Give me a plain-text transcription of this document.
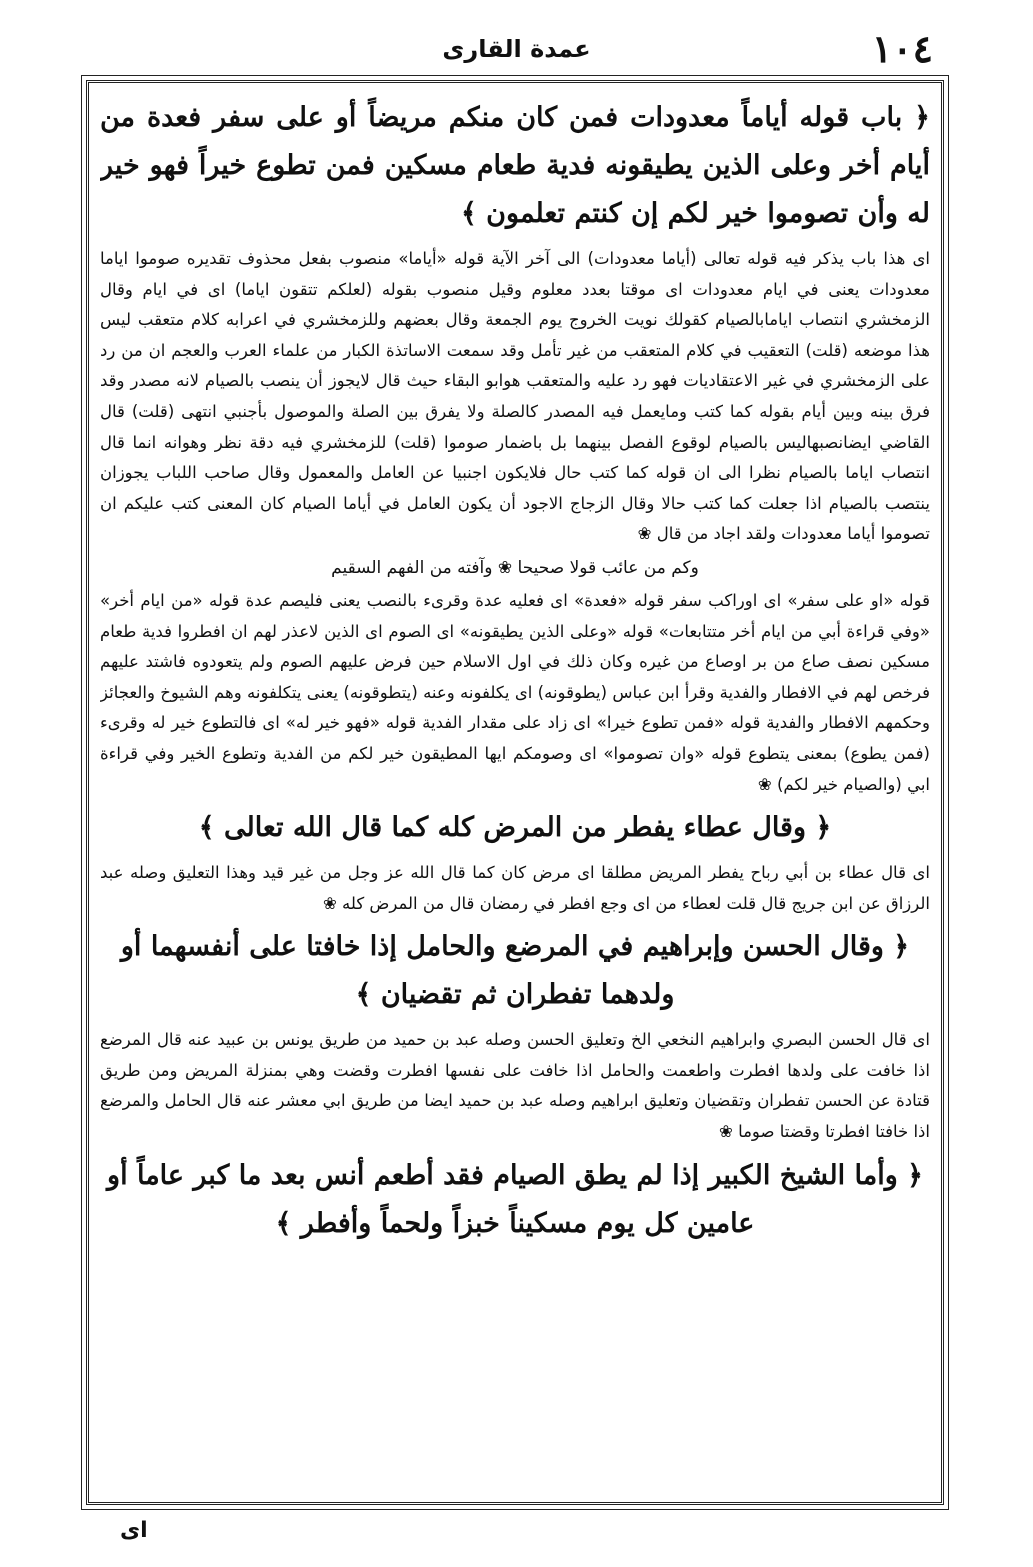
عمدة القارى	١٠٤

﴿ باب قوله أياماً معدودات فمن كان منكم مريضاً أو على سفر فعدة من أيام أخر وعلى الذين يطيقونه فدية طعام مسكين فمن تطوع خيراً فهو خير له وأن تصوموا خير لكم إن كنتم تعلمون ﴾

اى هذا باب يذكر فيه قوله تعالى (أياما معدودات) الى آخر الآية قوله «أياما» منصوب بفعل محذوف تقديره صوموا اياما معدودات يعنى في ايام معدودات اى موقتا بعدد معلوم وقيل منصوب بقوله (لعلكم تتقون اياما) اى في ايام وقال الزمخشري انتصاب ايامابالصيام كقولك نويت الخروج يوم الجمعة وقال بعضهم وللزمخشري في اعرابه كلام متعقب ليس هذا موضعه (قلت) التعقيب في كلام المتعقب من غير تأمل وقد سمعت الاساتذة الكبار من علماء العرب والعجم ان من رد على الزمخشري في غير الاعتقاديات فهو رد عليه والمتعقب هوابو البقاء حيث قال لايجوز أن ينصب بالصيام لانه مصدر وقد فرق بينه وبين أيام بقوله كما كتب ومايعمل فيه المصدر كالصلة ولا يفرق بين الصلة والموصول بأجنبي انتهى (قلت) قال القاضي ايضانصبهاليس بالصيام لوقوع الفصل بينهما بل باضمار صوموا (قلت) للزمخشري فيه دقة نظر وهوانه انما قال انتصاب اياما بالصيام نظرا الى ان قوله كما كتب حال فلايكون اجنبيا عن العامل والمعمول وقال صاحب اللباب يجوزان ينتصب بالصيام اذا جعلت كما كتب حالا وقال الزجاج الاجود أن يكون العامل في أياما الصيام كان المعنى كتب عليكم ان تصوموا أياما معدودات ولقد اجاد من قال ❀

وكم من عائب قولا صحيحا ❀ وآفته من الفهم السقيم

قوله «او على سفر» اى اوراكب سفر قوله «فعدة» اى فعليه عدة وقرىء بالنصب يعنى فليصم عدة قوله «من ايام أخر» «وفي قراءة أبي من ايام أخر متتابعات» قوله «وعلى الذين يطيقونه» اى الصوم اى الذين لاعذر لهم ان افطروا فدية طعام مسكين نصف صاع من بر اوصاع من غيره وكان ذلك في اول الاسلام حين فرض عليهم الصوم ولم يتعودوه فاشتد عليهم فرخص لهم في الافطار والفدية وقرأ ابن عباس (يطوقونه) اى يكلفونه وعنه (يتطوقونه) يعنى يتكلفونه وهم الشيوخ والعجائز وحكمهم الافطار والفدية قوله «فمن تطوع خيرا» اى زاد على مقدار الفدية قوله «فهو خير له» اى فالتطوع خير له وقرىء (فمن يطوع) بمعنى يتطوع قوله «وان تصوموا» اى وصومكم ايها المطيقون خير لكم من الفدية وتطوع الخير وفي قراءة ابي (والصيام خير لكم) ❀

﴿ وقال عطاء يفطر من المرض كله كما قال الله تعالى ﴾

اى قال عطاء بن أبي رباح يفطر المريض مطلقا اى مرض كان كما قال الله عز وجل من غير قيد وهذا التعليق وصله عبد الرزاق عن ابن جريج قال قلت لعطاء من اى وجع افطر في رمضان قال من المرض كله ❀

﴿ وقال الحسن وإبراهيم في المرضع والحامل إذا خافتا على أنفسهما أو ولدهما تفطران ثم تقضيان ﴾

اى قال الحسن البصري وابراهيم النخعي الخ وتعليق الحسن وصله عبد بن حميد من طريق يونس بن عبيد عنه قال المرضع اذا خافت على ولدها افطرت واطعمت والحامل اذا خافت على نفسها افطرت وقضت وهي بمنزلة المريض ومن طريق قتادة عن الحسن تفطران وتقضيان وتعليق ابراهيم وصله عبد بن حميد ايضا من طريق ابي معشر عنه قال الحامل والمرضع اذا خافتا افطرتا وقضتا صوما ❀

﴿ وأما الشيخ الكبير إذا لم يطق الصيام فقد أطعم أنس بعد ما كبر عاماً أو عامين كل يوم مسكيناً خبزاً ولحماً وأفطر ﴾

اى
